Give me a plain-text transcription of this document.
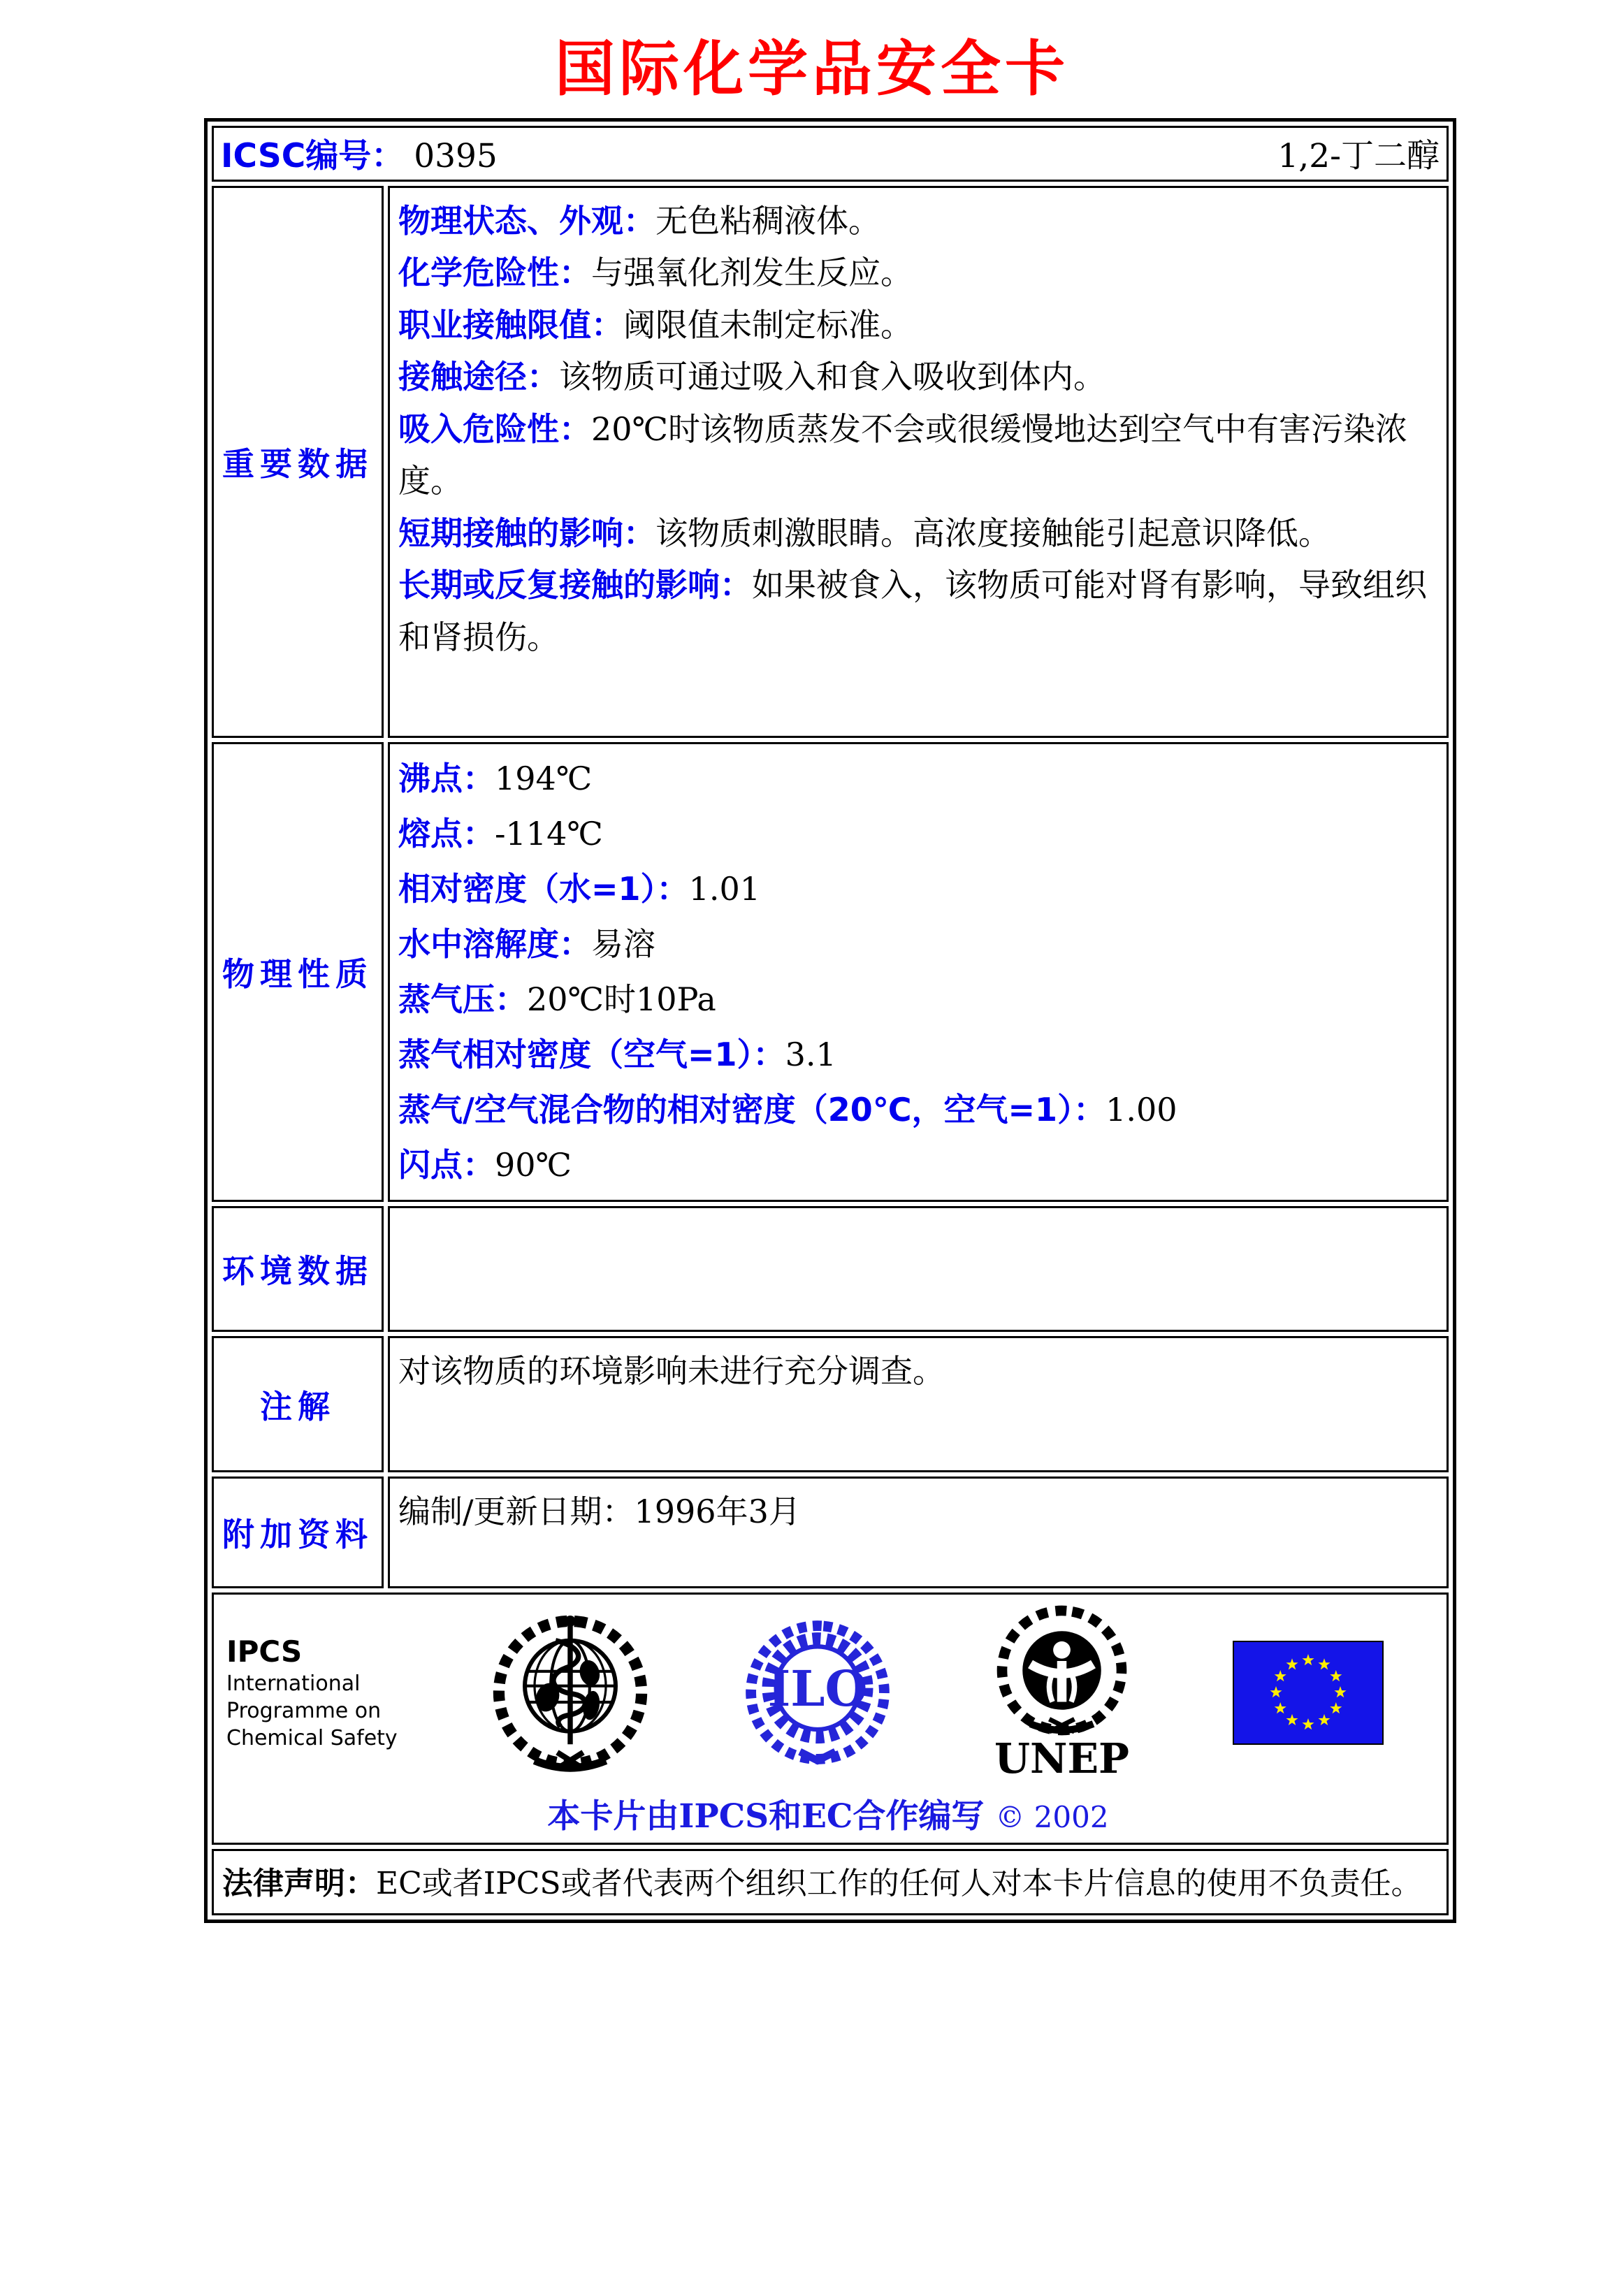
国际化学品安全卡
ICSC编号： 0395 1,2-丁二醇	

重要数据	
物理状态、外观：无色粘稠液体。
化学危险性：与强氧化剂发生反应。
职业接触限值：阈限值未制定标准。
接触途径：该物质可通过吸入和食入吸收到体内。
吸入危险性：20℃时该物质蒸发不会或很缓慢地达到空气中有害污染浓度。
短期接触的影响：该物质刺激眼睛。高浓度接触能引起意识降低。
长期或反复接触的影响：如果被食入，该物质可能对肾有影响，导致组织和肾损伤。

物理性质	
沸点：194℃
熔点：-114℃
相对密度（水=1）：1.01
水中溶解度：易溶
蒸气压：20℃时10Pa
蒸气相对密度（空气=1）：3.1
蒸气/空气混合物的相对密度（20℃，空气=1）：1.00
闪点：90℃

环境数据	
注解	对该物质的环境影响未进行充分调查。
附加资料	编制/更新日期：1996年3月

IPCS
International
Programme on
Chemical Safety
ILO
UNEP
本卡片由IPCS和EC合作编写 © 2002

法律声明：EC或者IPCS或者代表两个组织工作的任何人对本卡片信息的使用不负责任。	
